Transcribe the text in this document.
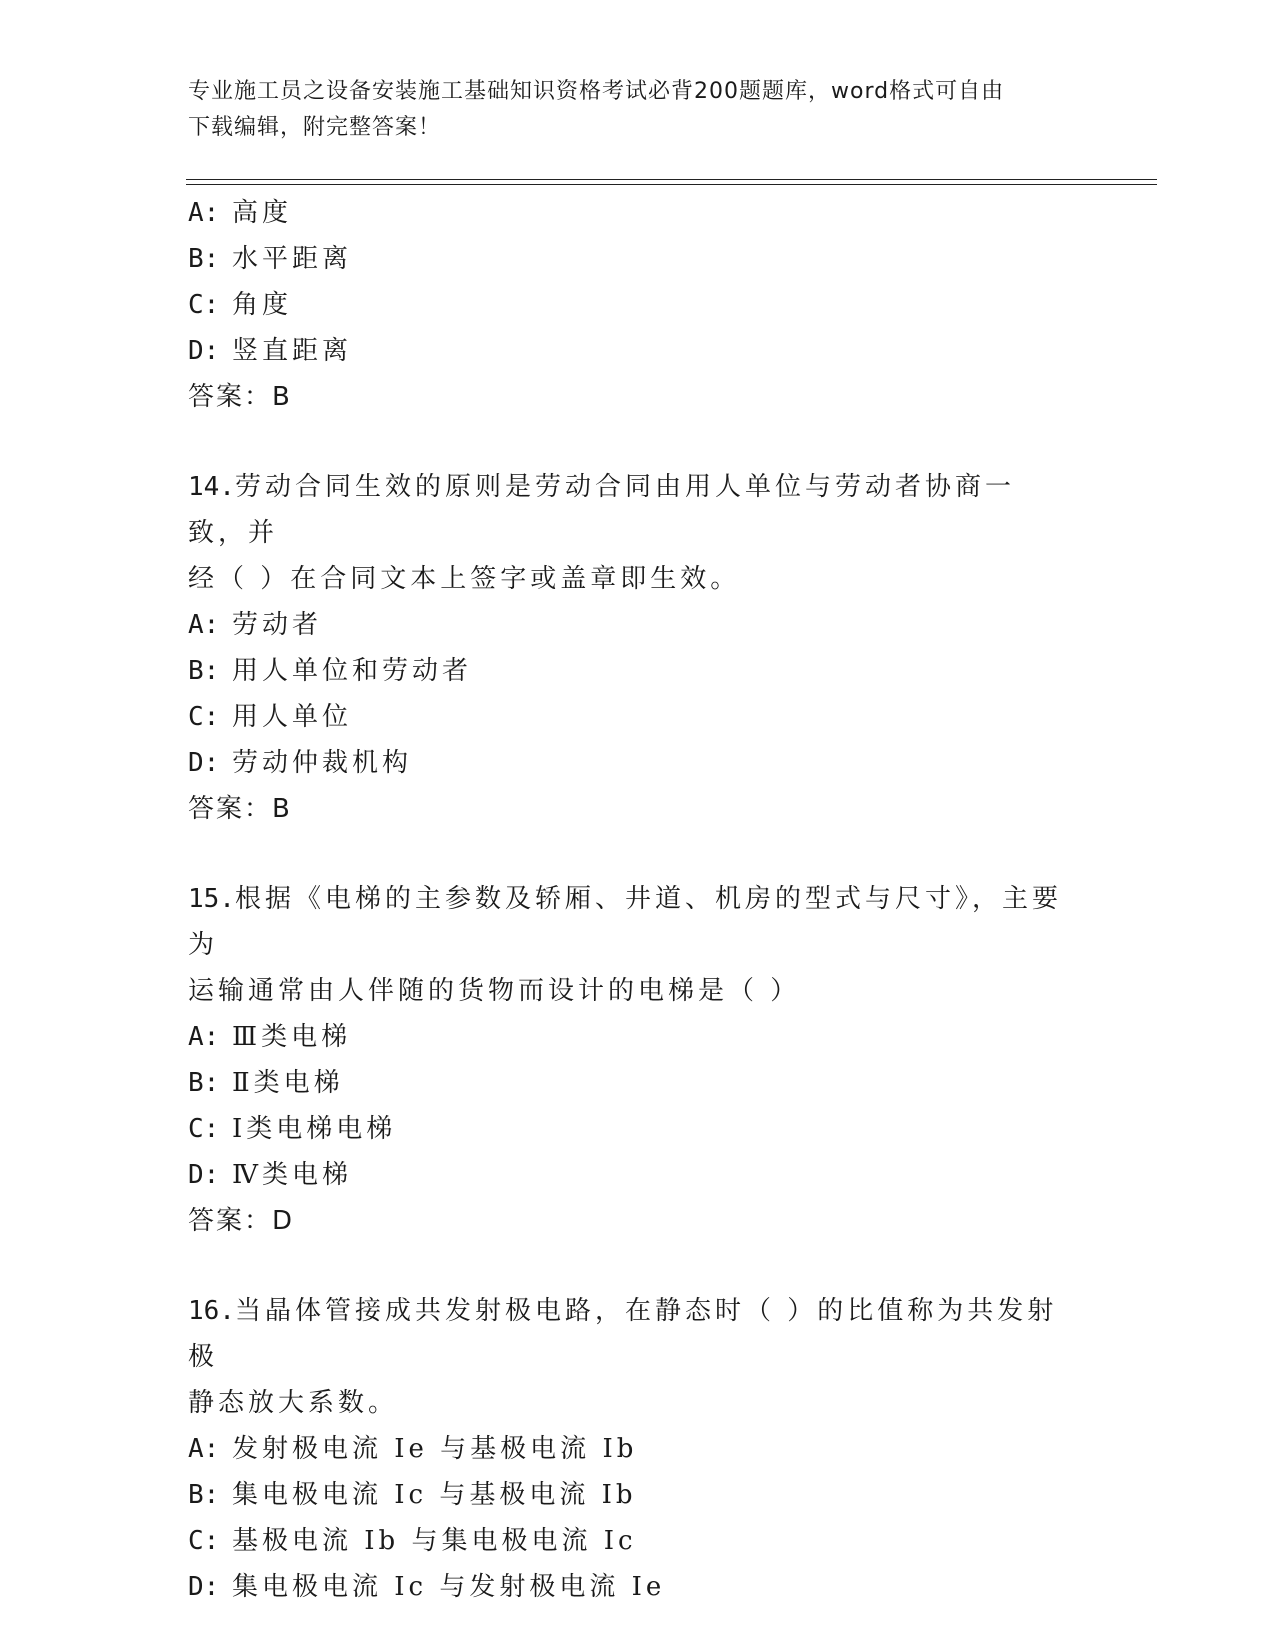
专业施工员之设备安装施工基础知识资格考试必背200题题库，word格式可自由
下载编辑，附完整答案！
A: 高度
B: 水平距离
C: 角度
D: 竖直距离
答案：B
14.劳动合同生效的原则是劳动合同由用人单位与劳动者协商一致，并
经（ ）在合同文本上签字或盖章即生效。
A: 劳动者
B: 用人单位和劳动者
C: 用人单位
D: 劳动仲裁机构
答案：B
15.根据《电梯的主参数及轿厢、井道、机房的型式与尺寸》，主要为
运输通常由人伴随的货物而设计的电梯是（ ）
A: Ⅲ类电梯
B: Ⅱ类电梯
C: Ⅰ类电梯电梯
D: Ⅳ类电梯
答案：D
16.当晶体管接成共发射极电路，在静态时（ ）的比值称为共发射极
静态放大系数。
A: 发射极电流 Ie 与基极电流 Ib
B: 集电极电流 Ic 与基极电流 Ib
C: 基极电流 Ib 与集电极电流 Ic
D: 集电极电流 Ic 与发射极电流 Ie
